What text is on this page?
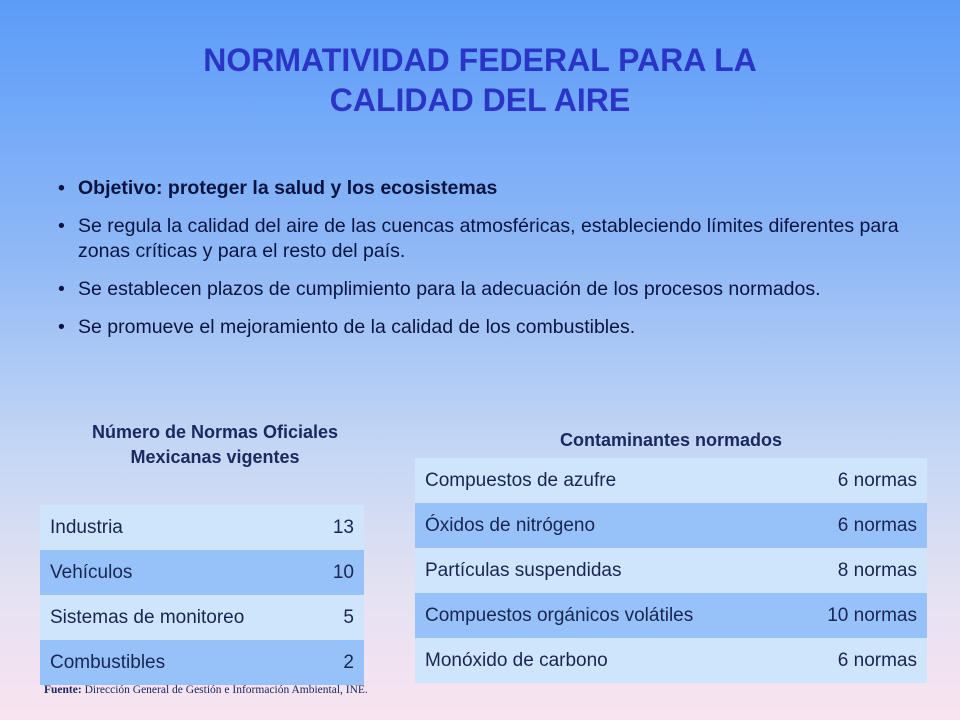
NORMATIVIDAD FEDERAL PARA LA
CALIDAD DEL AIRE
• Objetivo: proteger la salud y los ecosistemas
• Se regula la calidad del aire de las cuencas atmosféricas, estableciendo límites diferentes para zonas críticas y para el resto del país.
• Se establecen plazos de cumplimiento para la adecuación de los procesos normados.
• Se promueve el mejoramiento de la calidad de los combustibles.
Número de Normas Oficiales
Mexicanas vigentes
Industria	13
Vehículos	10
Sistemas de monitoreo	5
Combustibles	2
Contaminantes normados
Compuestos de azufre	6 normas
Óxidos de nitrógeno	6 normas
Partículas suspendidas	8 normas
Compuestos orgánicos volátiles	10 normas
Monóxido de carbono	6 normas

Fuente: Dirección General de Gestión e Información Ambiental, INE.
